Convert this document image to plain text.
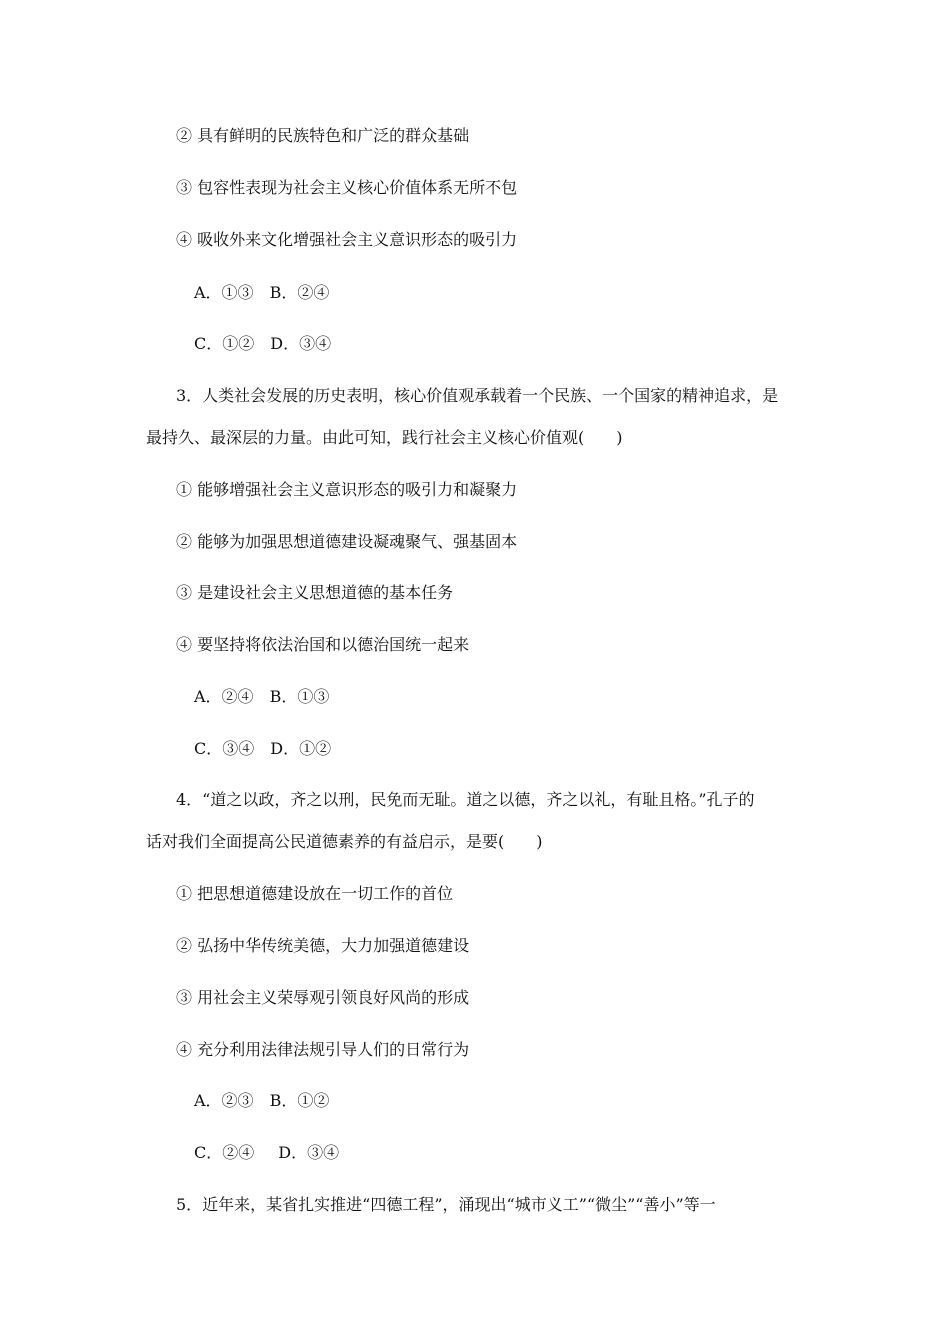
② 具有鲜明的民族特色和广泛的群众基础
③ 包容性表现为社会主义核心价值体系无所不包
④ 吸收外来文化增强社会主义意识形态的吸引力
A．①③ B．②④
C．①② D．③④
3．人类社会发展的历史表明，核心价值观承载着一个民族、一个国家的精神追求，是
最持久、最深层的力量。由此可知，践行社会主义核心价值观(　　)
① 能够增强社会主义意识形态的吸引力和凝聚力
② 能够为加强思想道德建设凝魂聚气、强基固本
③ 是建设社会主义思想道德的基本任务
④ 要坚持将依法治国和以德治国统一起来
A．②④ B．①③
C．③④ D．①②
4．“道之以政，齐之以刑，民免而无耻。道之以德，齐之以礼，有耻且格。”孔子的
话对我们全面提高公民道德素养的有益启示，是要(　　)
① 把思想道德建设放在一切工作的首位
② 弘扬中华传统美德，大力加强道德建设
③ 用社会主义荣辱观引领良好风尚的形成
④ 充分利用法律法规引导人们的日常行为
A．②③ B．①②
C．②④ D．③④
5．近年来，某省扎实推进“四德工程”，涌现出“城市义工”“微尘”“善小”等一
